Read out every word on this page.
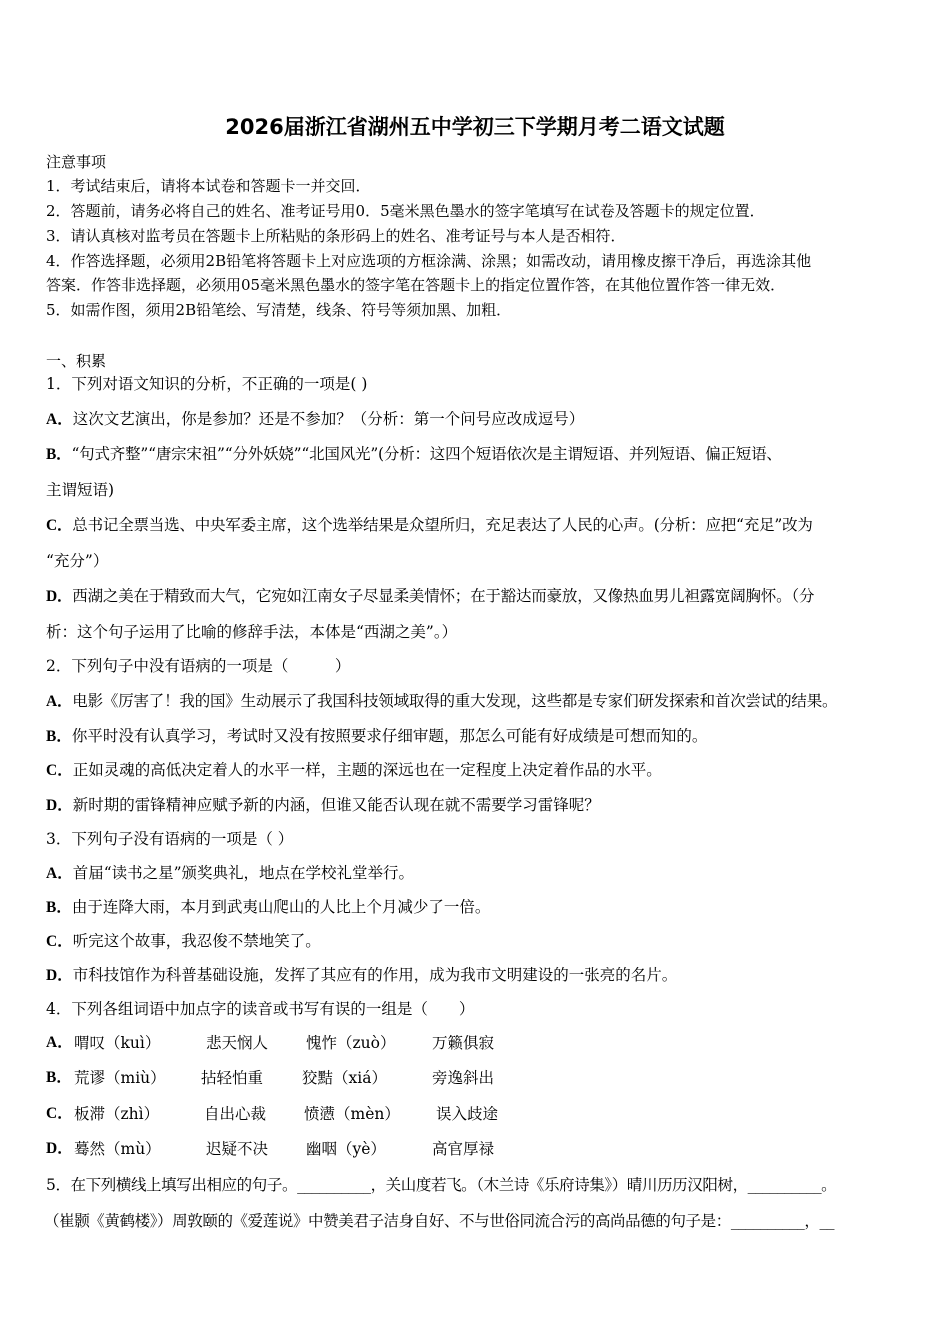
2026届浙江省湖州五中学初三下学期月考二语文试题
注意事项
1．考试结束后，请将本试卷和答题卡一并交回．
2．答题前，请务必将自己的姓名、准考证号用0．5毫米黑色墨水的签字笔填写在试卷及答题卡的规定位置．
3．请认真核对监考员在答题卡上所粘贴的条形码上的姓名、准考证号与本人是否相符．
4．作答选择题，必须用2B铅笔将答题卡上对应选项的方框涂满、涂黑；如需改动，请用橡皮擦干净后，再选涂其他
答案．作答非选择题，必须用05毫米黑色墨水的签字笔在答题卡上的指定位置作答，在其他位置作答一律无效．
5．如需作图，须用2B铅笔绘、写清楚，线条、符号等须加黑、加粗．
一、积累
1．下列对语文知识的分析，不正确的一项是( )
A．这次文艺演出，你是参加？还是不参加？（分析：第一个问号应改成逗号）
B．“句式齐整”“唐宗宋祖”“分外妖娆”“北国风光”(分析：这四个短语依次是主谓短语、并列短语、偏正短语、
主谓短语)
C．总书记全票当选、中央军委主席，这个选举结果是众望所归，充足表达了人民的心声。(分析：应把“充足”改为
“充分”）
D．西湖之美在于精致而大气，它宛如江南女子尽显柔美情怀；在于豁达而豪放，又像热血男儿袒露宽阔胸怀。（分
析：这个句子运用了比喻的修辞手法，本体是“西湖之美”。）
2．下列句子中没有语病的一项是（　　　）
A．电影《厉害了！我的国》生动展示了我国科技领域取得的重大发现，这些都是专家们研发探索和首次尝试的结果。
B．你平时没有认真学习，考试时又没有按照要求仔细审题，那怎么可能有好成绩是可想而知的。
C．正如灵魂的高低决定着人的水平一样，主题的深远也在一定程度上决定着作品的水平。
D．新时期的雷锋精神应赋予新的内涵，但谁又能否认现在就不需要学习雷锋呢？
3．下列句子没有语病的一项是（ ）
A．首届“读书之星”颁奖典礼，地点在学校礼堂举行。
B．由于连降大雨，本月到武夷山爬山的人比上个月减少了一倍。
C．听完这个故事，我忍俊不禁地笑了。
D．市科技馆作为科普基础设施，发挥了其应有的作用，成为我市文明建设的一张亮的名片。
4．下列各组词语中加点字的读音或书写有误的一组是（　　）
A． 喟叹（kuì）	悲天悯人 愧怍（zuò） 万籁俱寂
B． 荒谬（miù） 拈轻怕重	狡黠（xiá）	旁逸斜出
C． 板滞（zhì）	自出心裁 愤懑（mèn） 误入歧途
D． 蓦然（mù）	迟疑不决 幽咽（yè）	高官厚禄
5．在下列横线上填写出相应的句子。__________，关山度若飞。（木兰诗《乐府诗集》）晴川历历汉阳树，__________。
（崔颢《黄鹤楼》）周敦颐的《爱莲说》中赞美君子洁身自好、不与世俗同流合污的高尚品德的句子是：__________，__
